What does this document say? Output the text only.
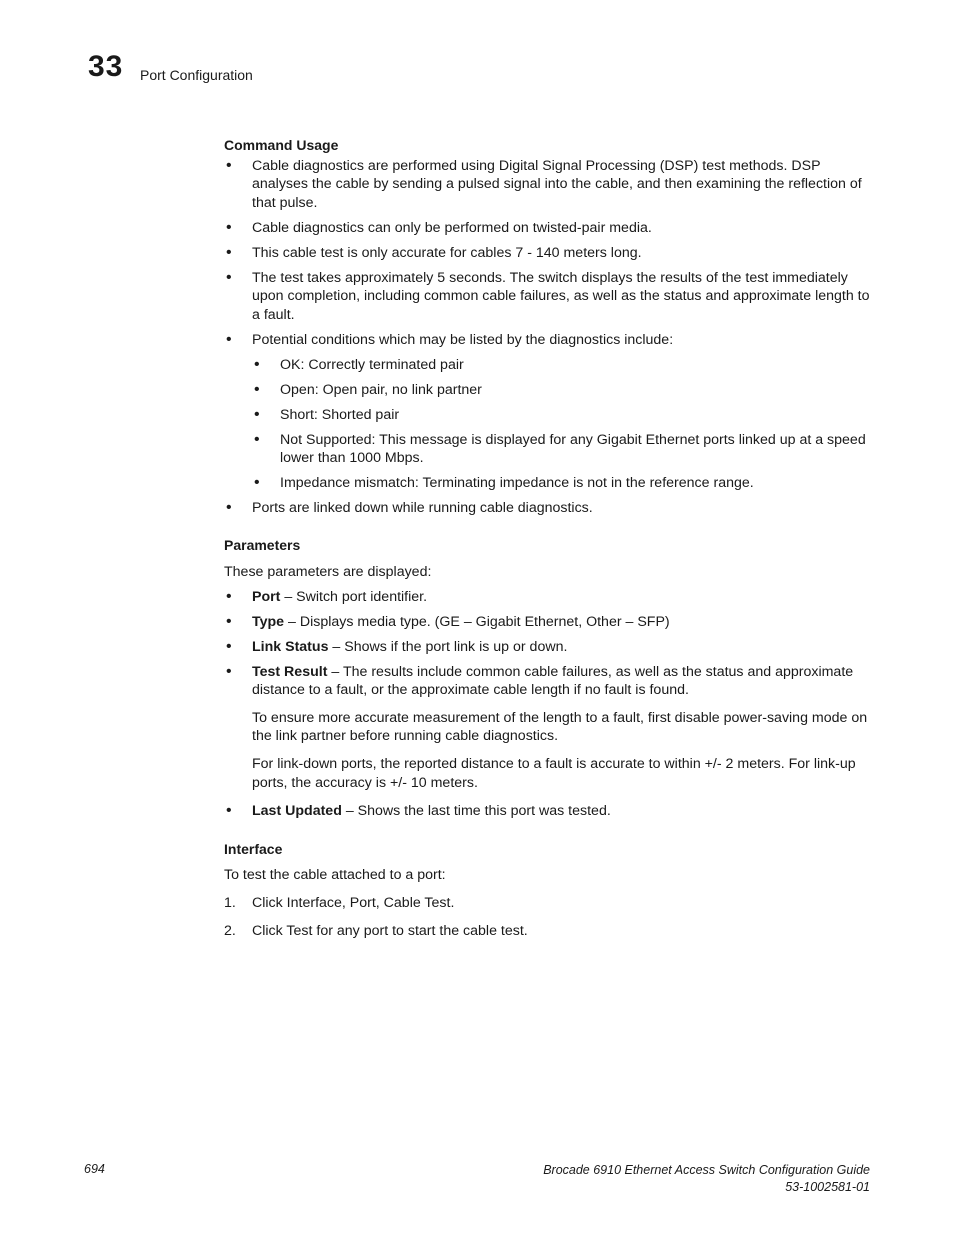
33 Port Configuration

Command Usage

• Cable diagnostics are performed using Digital Signal Processing (DSP) test methods. DSP analyses the cable by sending a pulsed signal into the cable, and then examining the reflection of that pulse.
• Cable diagnostics can only be performed on twisted-pair media.
• This cable test is only accurate for cables 7 - 140 meters long.
• The test takes approximately 5 seconds. The switch displays the results of the test immediately upon completion, including common cable failures, as well as the status and approximate length to a fault.
• Potential conditions which may be listed by the diagnostics include:
• OK: Correctly terminated pair
• Open: Open pair, no link partner
• Short: Shorted pair
• Not Supported: This message is displayed for any Gigabit Ethernet ports linked up at a speed lower than 1000 Mbps.
• Impedance mismatch: Terminating impedance is not in the reference range.
• Ports are linked down while running cable diagnostics.

Parameters

These parameters are displayed:

• Port – Switch port identifier.
• Type – Displays media type. (GE – Gigabit Ethernet, Other – SFP)
• Link Status – Shows if the port link is up or down.
• Test Result – The results include common cable failures, as well as the status and approximate distance to a fault, or the approximate cable length if no fault is found.

To ensure more accurate measurement of the length to a fault, first disable power-saving mode on the link partner before running cable diagnostics.

For link-down ports, the reported distance to a fault is accurate to within +/- 2 meters. For link-up ports, the accuracy is +/- 10 meters.

• Last Updated – Shows the last time this port was tested.

Interface

To test the cable attached to a port:

1. Click Interface, Port, Cable Test.
2. Click Test for any port to start the cable test.
694	Brocade 6910 Ethernet Access Switch Configuration Guide
53-1002581-01
